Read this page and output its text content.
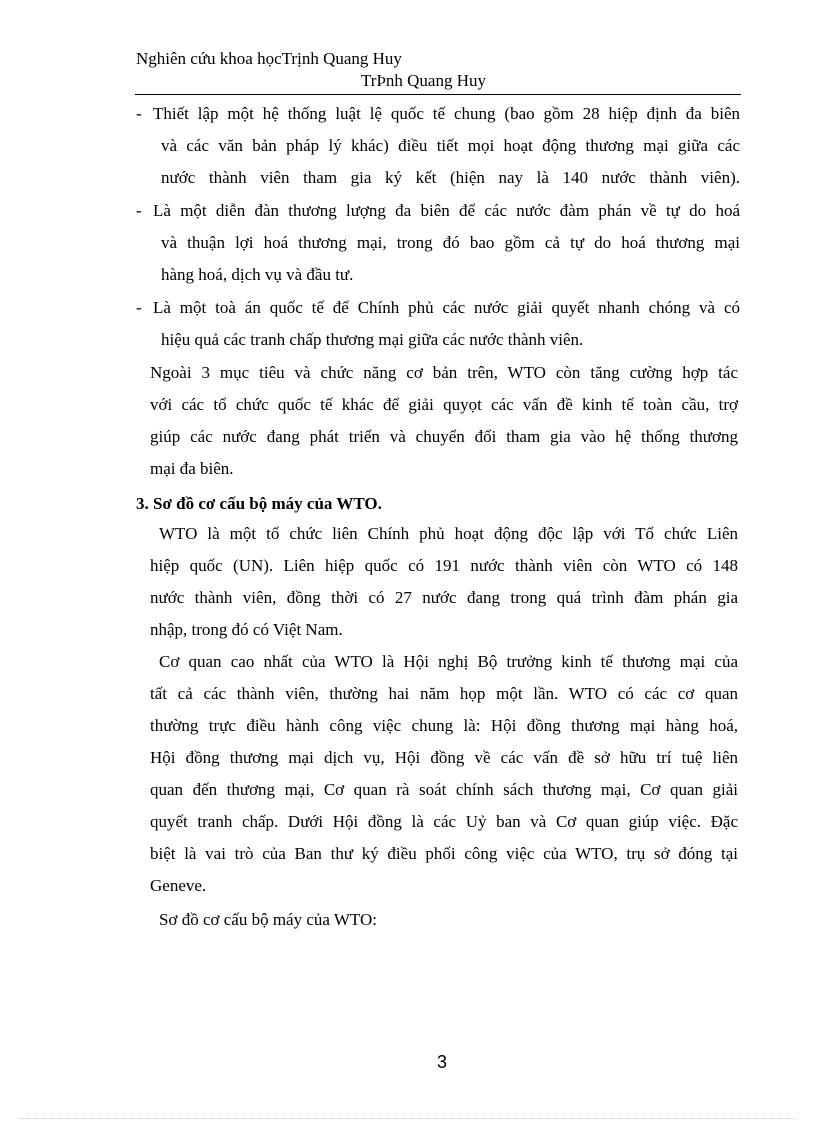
Nghiên cứu khoa họcTrịnh Quang Huy
TrÞnh Quang Huy
- Thiết lập một hệ thống luật lệ quốc tế chung (bao gồm 28 hiệp định đa biên
và các văn bản pháp lý khác) điều tiết mọi hoạt động thương mại giữa các
nước thành viên tham gia ký kết (hiện nay là 140 nước thành viên).
- Là một diễn đàn thương lượng đa biên để các nước đàm phán về tự do hoá
và thuận lợi hoá thương mại, trong đó bao gồm cả tự do hoá thương mại
hàng hoá, dịch vụ và đầu tư.
- Là một toà án quốc tế để Chính phủ các nước giải quyết nhanh chóng và có
hiệu quả các tranh chấp thương mại giữa các nước thành viên.
Ngoài 3 mục tiêu và chức năng cơ bản trên, WTO còn tăng cường hợp tác
với các tổ chức quốc tế khác để giải quyọt các vấn đề kinh tế toàn cầu, trợ
giúp các nước đang phát triển và chuyển đổi tham gia vào hệ thống thương
mại đa biên.
3. Sơ đồ cơ cấu bộ máy của WTO.
WTO là một tổ chức liên Chính phủ hoạt động độc lập với Tổ chức Liên
hiệp quốc (UN). Liên hiệp quốc có 191 nước thành viên còn WTO có 148
nước thành viên, đồng thời có 27 nước đang trong quá trình đàm phán gia
nhập, trong đó có Việt Nam.
Cơ quan cao nhất của WTO là Hội nghị Bộ trưởng kinh tế thương mại của
tất cả các thành viên, thường hai năm họp một lần. WTO có các cơ quan
thường trực điều hành công việc chung là: Hội đồng thương mại hàng hoá,
Hội đồng thương mại dịch vụ, Hội đồng về các vấn đề sở hữu trí tuệ liên
quan đến thương mại, Cơ quan rà soát chính sách thương mại, Cơ quan giải
quyết tranh chấp. Dưới Hội đồng là các Uỷ ban và Cơ quan giúp việc. Đặc
biệt là vai trò của Ban thư ký điều phối công việc của WTO, trụ sở đóng tại
Geneve.
Sơ đồ cơ cấu bộ máy của WTO:
3
